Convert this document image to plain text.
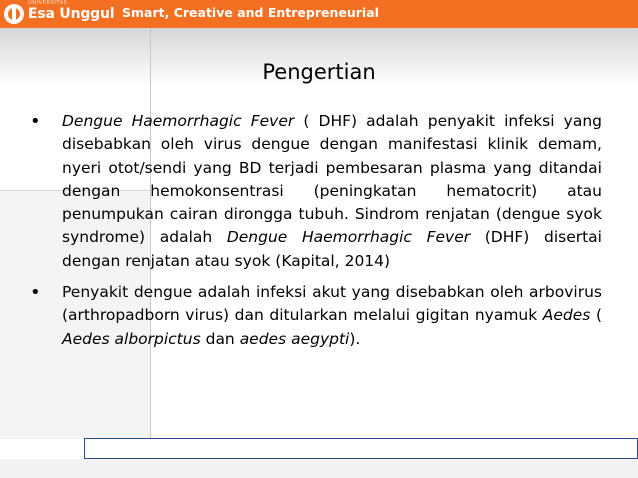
Esa Unggul
UNIVERSITAS
Smart, Creative and Entrepreneurial
Pengertian

• Dengue Haemorrhagic Fever ( DHF) adalah penyakit infeksi yang disebabkan oleh virus dengue dengan manifestasi klinik demam, nyeri otot/sendi yang BD terjadi pembesaran plasma yang ditandai dengan hemokonsentrasi (peningkatan hematocrit) atau penumpukan cairan dirongga tubuh. Sindrom renjatan (dengue syok syndrome) adalah Dengue Haemorrhagic Fever (DHF) disertai dengan renjatan atau syok (Kapital, 2014)

• Penyakit dengue adalah infeksi akut yang disebabkan oleh arbovirus (arthropadborn virus) dan ditularkan melalui gigitan nyamuk Aedes ( Aedes alborpictus dan aedes aegypti).
